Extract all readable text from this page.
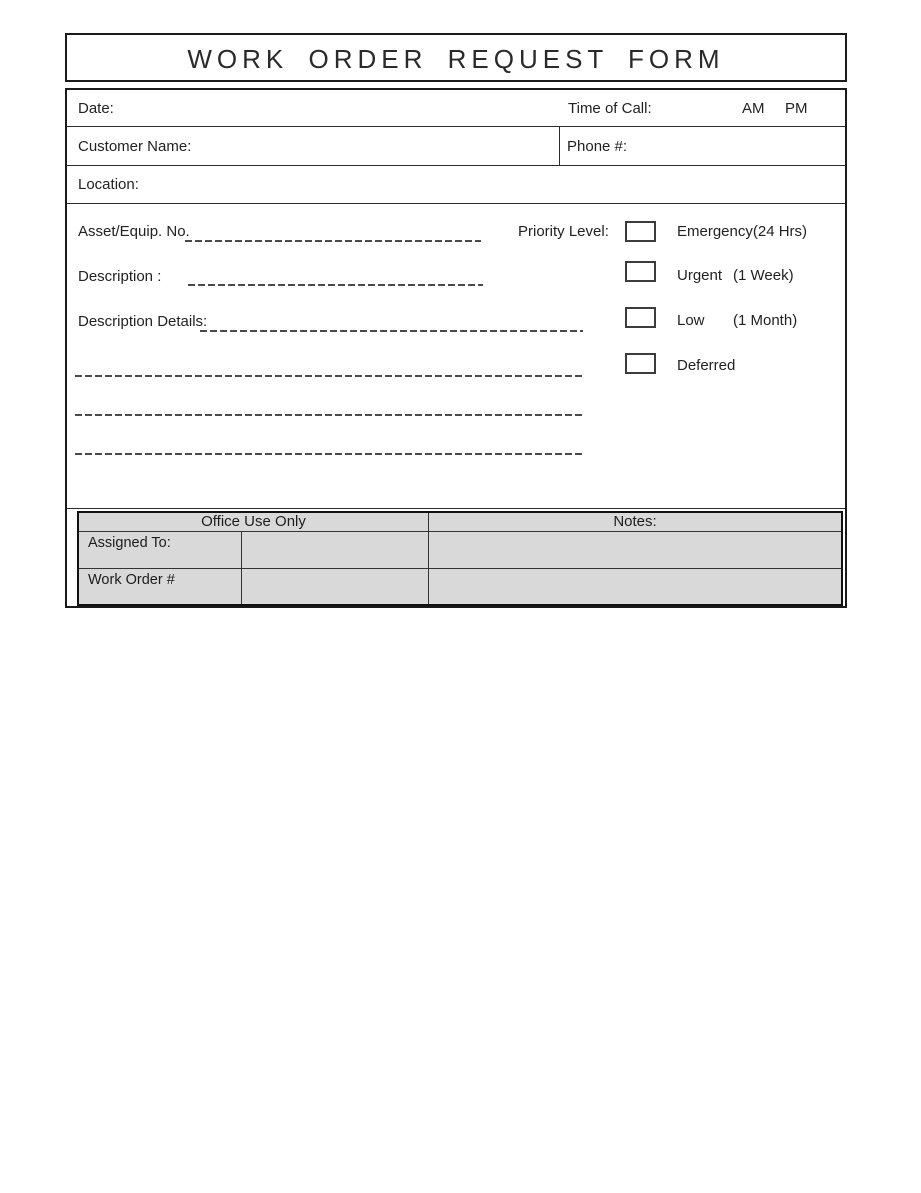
WORK ORDER REQUEST FORM
Date:	Time of Call:	AM PM
Customer Name:	Phone #:
Location:
Asset/Equip. No.	Priority Level:	Emergency (24 Hrs)
Description :	Urgent (1 Week)
Description Details:	Low	(1 Month)
Deferred
Office Use Only	Notes:
Assigned To:
Work Order #
